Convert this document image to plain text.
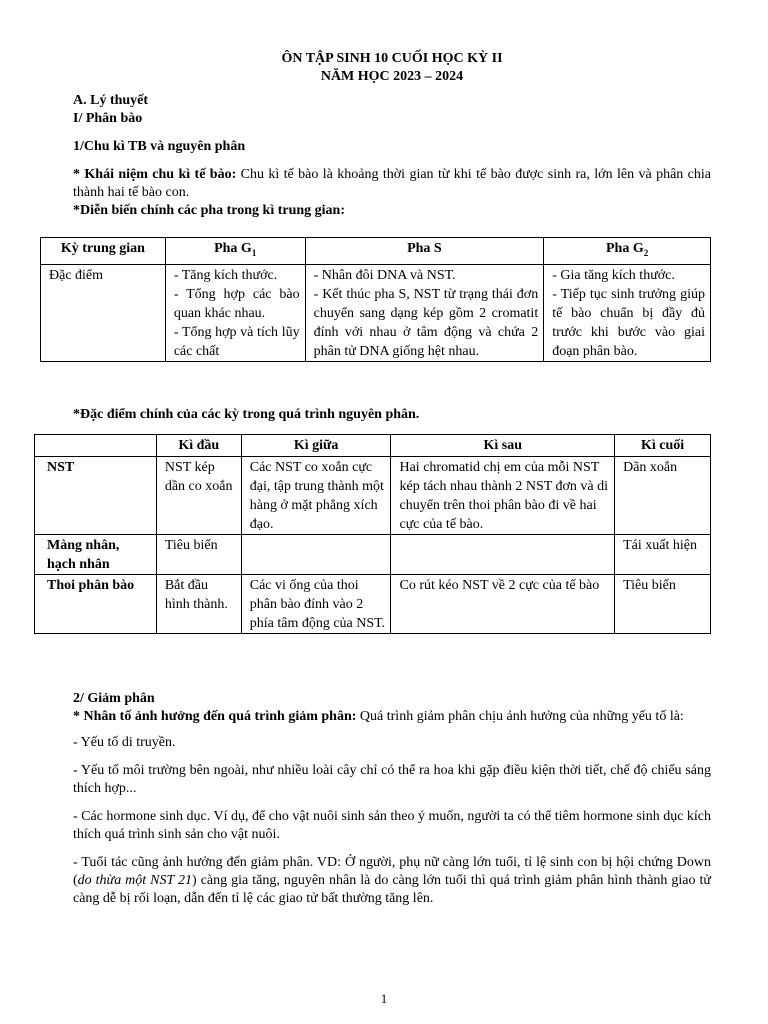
ÔN TẬP SINH 10 CUỐI HỌC KỲ II

NĂM HỌC 2023 – 2024

A. Lý thuyết

I/ Phân bào

1/Chu kì TB và nguyên phân

* Khái niệm chu kì tế bào: Chu kì tế bào là khoảng thời gian từ khi tế bào được sinh ra, lớn lên và phân chia thành hai tế bào con.

*Diễn biến chính các pha trong kì trung gian:

Kỳ trung gian	Pha $G_1$	Pha S	Pha $G_2$
Đặc điểm	- Tăng kích thước.
- Tổng hợp các bào quan khác nhau.
- Tổng hợp và tích lũy các chất	- Nhân đôi DNA và NST.
- Kết thúc pha S, NST từ trạng thái đơn chuyển sang dạng kép gồm 2 cromatit đính với nhau ở tâm động và chứa 2 phân tử DNA giống hệt nhau.	- Gia tăng kích thước.
- Tiếp tục sinh trưởng giúp tế bào chuẩn bị đầy đủ trước khi bước vào giai đoạn phân bào.

*Đặc điểm chính của các kỳ trong quá trình nguyên phân.

	Kì đầu	Kì giữa	Kì sau	Kì cuối
NST	NST kép dần co xoắn	Các NST co xoắn cực đại, tập trung thành một hàng ở mặt phẳng xích đạo.	Hai chromatid chị em của mỗi NST kép tách nhau thành 2 NST đơn và di chuyển trên thoi phân bào đi về hai cực của tế bào.	Dãn xoắn
Màng nhân, hạch nhân	Tiêu biến			Tái xuất hiện
Thoi phân bào	Bắt đầu hình thành.	Các vi ống của thoi phân bào đính vào 2 phía tâm động của NST.	Co rút kéo NST về 2 cực của tế bào	Tiêu biến

2/ Giảm phân

* Nhân tố ảnh hưởng đến quá trình giảm phân: Quá trình giảm phân chịu ảnh hưởng của những yếu tố là:

- Yếu tố di truyền.

- Yếu tố môi trường bên ngoài, như nhiều loài cây chỉ có thể ra hoa khi gặp điều kiện thời tiết, chế độ chiếu sáng thích hợp...

- Các hormone sinh dục. Ví dụ, để cho vật nuôi sinh sản theo ý muốn, người ta có thể tiêm hormone sinh dục kích thích quá trình sinh sản cho vật nuôi.

- Tuổi tác cũng ảnh hưởng đến giảm phân. VD: Ở người, phụ nữ càng lớn tuổi, tỉ lệ sinh con bị hội chứng Down (do thừa một NST 21) càng gia tăng, nguyên nhân là do càng lớn tuổi thì quá trình giảm phân hình thành giao tử càng dễ bị rối loạn, dẫn đến tỉ lệ các giao tử bất thường tăng lên.

1
